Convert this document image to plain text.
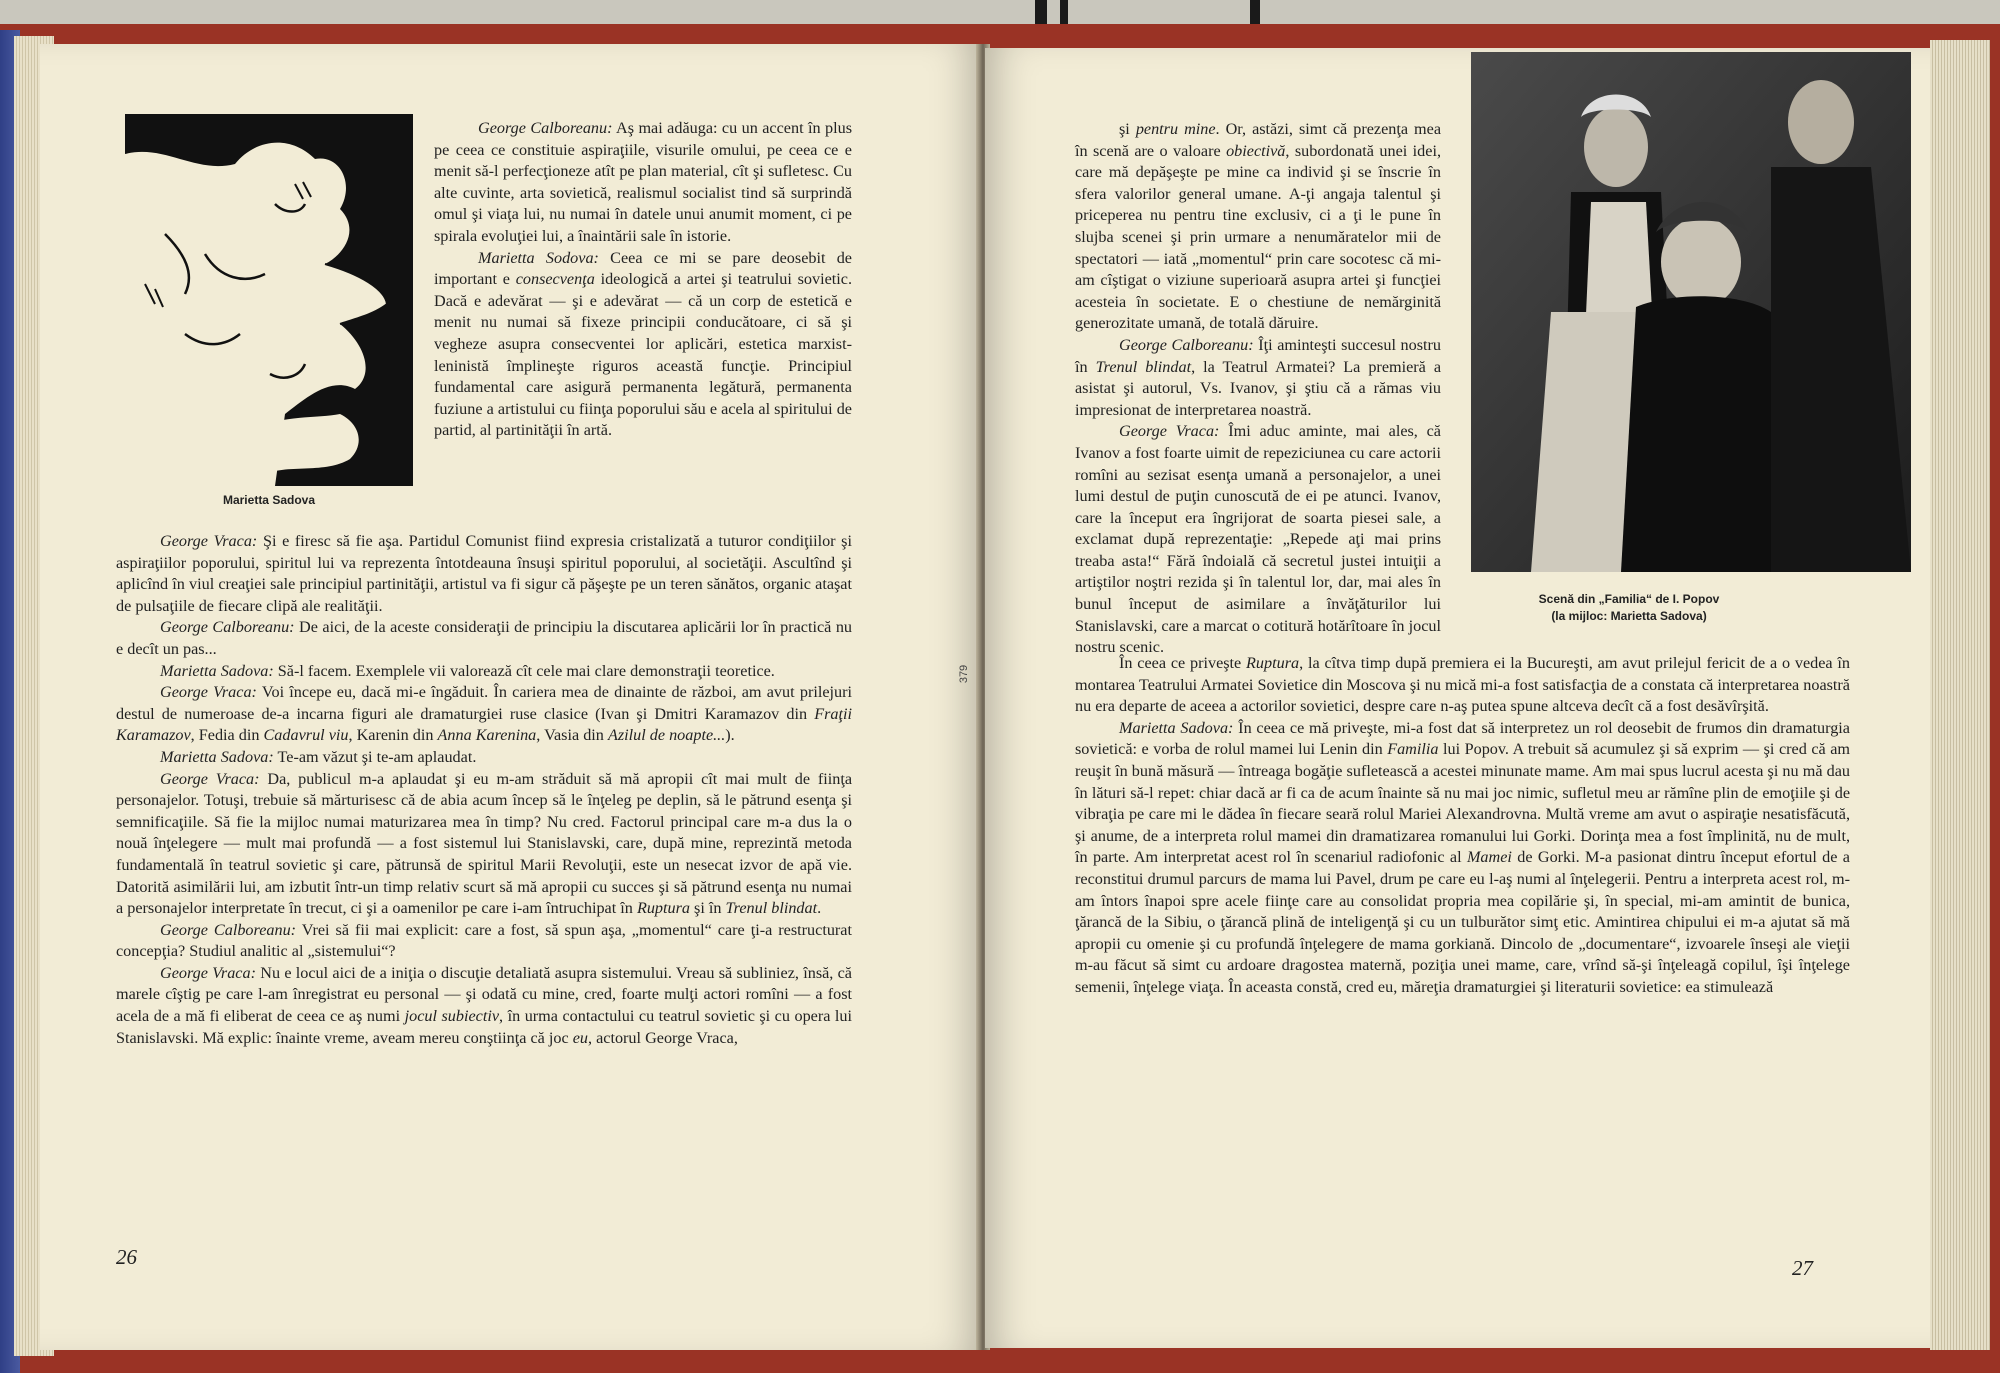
Marietta Sadova

George Calboreanu: Aş mai adăuga: cu un accent în plus pe ceea ce constituie aspiraţiile, visurile omului, pe ceea ce e menit să-l perfecţioneze atît pe plan material, cît şi sufletesc. Cu alte cuvinte, arta sovietică, realismul socialist tind să surprindă omul şi viaţa lui, nu numai în datele unui anumit moment, ci pe spirala evoluţiei lui, a înaintării sale în istorie.

Marietta Sodova: Ceea ce mi se pare deosebit de important e consecvenţa ideologică a artei şi teatrului sovietic. Dacă e adevărat — şi e adevărat — că un corp de estetică e menit nu numai să fixeze principii conducătoare, ci să şi vegheze asupra consecventei lor aplicări, estetica marxist-leninistă împlineşte riguros această funcţie. Principiul fundamental care asigură permanenta legătură, permanenta fuziune a artistului cu fiinţa poporului său e acela al spiritului de partid, al partinităţii în artă.

George Vraca: Şi e firesc să fie aşa. Partidul Comunist fiind expresia cristalizată a tuturor condiţiilor şi aspiraţiilor poporului, spiritul lui va reprezenta întotdeauna însuşi spiritul poporului, al societăţii. Ascultînd şi aplicînd în viul creaţiei sale principiul partinităţii, artistul va fi sigur că păşeşte pe un teren sănătos, organic ataşat de pulsaţiile de fiecare clipă ale realităţii.

George Calboreanu: De aici, de la aceste consideraţii de principiu la discutarea aplicării lor în practică nu e decît un pas...

Marietta Sadova: Să-l facem. Exemplele vii valorează cît cele mai clare demonstraţii teoretice.

George Vraca: Voi începe eu, dacă mi-e îngăduit. În cariera mea de dinainte de război, am avut prilejuri destul de numeroase de-a incarna figuri ale dramaturgiei ruse clasice (Ivan şi Dmitri Karamazov din Fraţii Karamazov, Fedia din Cadavrul viu, Karenin din Anna Karenina, Vasia din Azilul de noapte...).

Marietta Sadova: Te-am văzut şi te-am aplaudat.

George Vraca: Da, publicul m-a aplaudat şi eu m-am străduit să mă apropii cît mai mult de fiinţa personajelor. Totuşi, trebuie să mărturisesc că de abia acum încep să le înţeleg pe deplin, să le pătrund esenţa şi semnificaţiile. Să fie la mijloc numai maturizarea mea în timp? Nu cred. Factorul principal care m-a dus la o nouă înţelegere — mult mai profundă — a fost sistemul lui Stanislavski, care, după mine, reprezintă metoda fundamentală în teatrul sovietic şi care, pătrunsă de spiritul Marii Revoluţii, este un nesecat izvor de apă vie. Datorită asimilării lui, am izbutit într-un timp relativ scurt să mă apropii cu succes şi să pătrund esenţa nu numai a personajelor interpretate în trecut, ci şi a oamenilor pe care i-am întruchipat în Ruptura şi în Trenul blindat.

George Calboreanu: Vrei să fii mai explicit: care a fost, să spun aşa, „momentul“ care ţi-a restructurat concepţia? Studiul analitic al „sistemului“?

George Vraca: Nu e locul aici de a iniţia o discuţie detaliată asupra sistemului. Vreau să subliniez, însă, că marele cîştig pe care l-am înregistrat eu personal — şi odată cu mine, cred, foarte mulţi actori romîni — a fost acela de a mă fi eliberat de ceea ce aş numi jocul subiectiv, în urma contactului cu teatrul sovietic şi cu opera lui Stanislavski. Mă explic: înainte vreme, aveam mereu conştiinţa că joc eu, actorul George Vraca,

26
379
Scenă din „Familia“ de I. Popov
(la mijloc: Marietta Sadova)

şi pentru mine. Or, astăzi, simt că prezenţa mea în scenă are o valoare obiectivă, subordonată unei idei, care mă depăşeşte pe mine ca individ şi se înscrie în sfera valorilor general umane. A-ţi angaja talentul şi priceperea nu pentru tine exclusiv, ci a ţi le pune în slujba scenei şi prin urmare a nenumăratelor mii de spectatori — iată „momentul“ prin care socotesc că mi-am cîştigat o viziune superioară asupra artei şi funcţiei acesteia în societate. E o chestiune de nemărginită generozitate umană, de totală dăruire.

George Calboreanu: Îţi aminteşti succesul nostru în Trenul blindat, la Teatrul Armatei? La premieră a asistat şi autorul, Vs. Ivanov, şi ştiu că a rămas viu impresionat de interpretarea noastră.

George Vraca: Îmi aduc aminte, mai ales, că Ivanov a fost foarte uimit de repeziciunea cu care actorii romîni au sezisat esenţa umană a personajelor, a unei lumi destul de puţin cunoscută de ei pe atunci. Ivanov, care la început era îngrijorat de soarta piesei sale, a exclamat după reprezentaţie: „Repede aţi mai prins treaba asta!“ Fără îndoială că secretul justei intuiţii a artiştilor noştri rezida şi în talentul lor, dar, mai ales în bunul început de asimilare a învăţăturilor lui Stanislavski, care a marcat o cotitură hotărîtoare în jocul nostru scenic.

În ceea ce priveşte Ruptura, la cîtva timp după premiera ei la Bucureşti, am avut prilejul fericit de a o vedea în montarea Teatrului Armatei Sovietice din Moscova şi nu mică mi-a fost satisfacţia de a constata că interpretarea noastră nu era departe de aceea a actorilor sovietici, despre care n-aş putea spune altceva decît că a fost desăvîrşită.

Marietta Sadova: În ceea ce mă priveşte, mi-a fost dat să interpretez un rol deosebit de frumos din dramaturgia sovietică: e vorba de rolul mamei lui Lenin din Familia lui Popov. A trebuit să acumulez şi să exprim — şi cred că am reuşit în bună măsură — întreaga bogăţie sufletească a acestei minunate mame. Am mai spus lucrul acesta şi nu mă dau în lături să-l repet: chiar dacă ar fi ca de acum înainte să nu mai joc nimic, sufletul meu ar rămîne plin de emoţiile şi de vibraţia pe care mi le dădea în fiecare seară rolul Mariei Alexandrovna. Multă vreme am avut o aspiraţie nesatisfăcută, şi anume, de a interpreta rolul mamei din dramatizarea romanului lui Gorki. Dorinţa mea a fost împlinită, nu de mult, în parte. Am interpretat acest rol în scenariul radiofonic al Mamei de Gorki. M-a pasionat dintru început efortul de a reconstitui drumul parcurs de mama lui Pavel, drum pe care eu l-aş numi al înţelegerii. Pentru a interpreta acest rol, m-am întors înapoi spre acele fiinţe care au consolidat propria mea copilărie şi, în special, mi-am amintit de bunica, ţărancă de la Sibiu, o ţărancă plină de inteligenţă şi cu un tulburător simţ etic. Amintirea chipului ei m-a ajutat să mă apropii cu omenie şi cu profundă înţelegere de mama gorkiană. Dincolo de „documentare“, izvoarele înseşi ale vieţii m-au făcut să simt cu ardoare dragostea maternă, poziţia unei mame, care, vrînd să-şi înţeleagă copilul, îşi înţelege semenii, înţelege viaţa. În aceasta constă, cred eu, măreţia dramaturgiei şi literaturii sovietice: ea stimulează

27
